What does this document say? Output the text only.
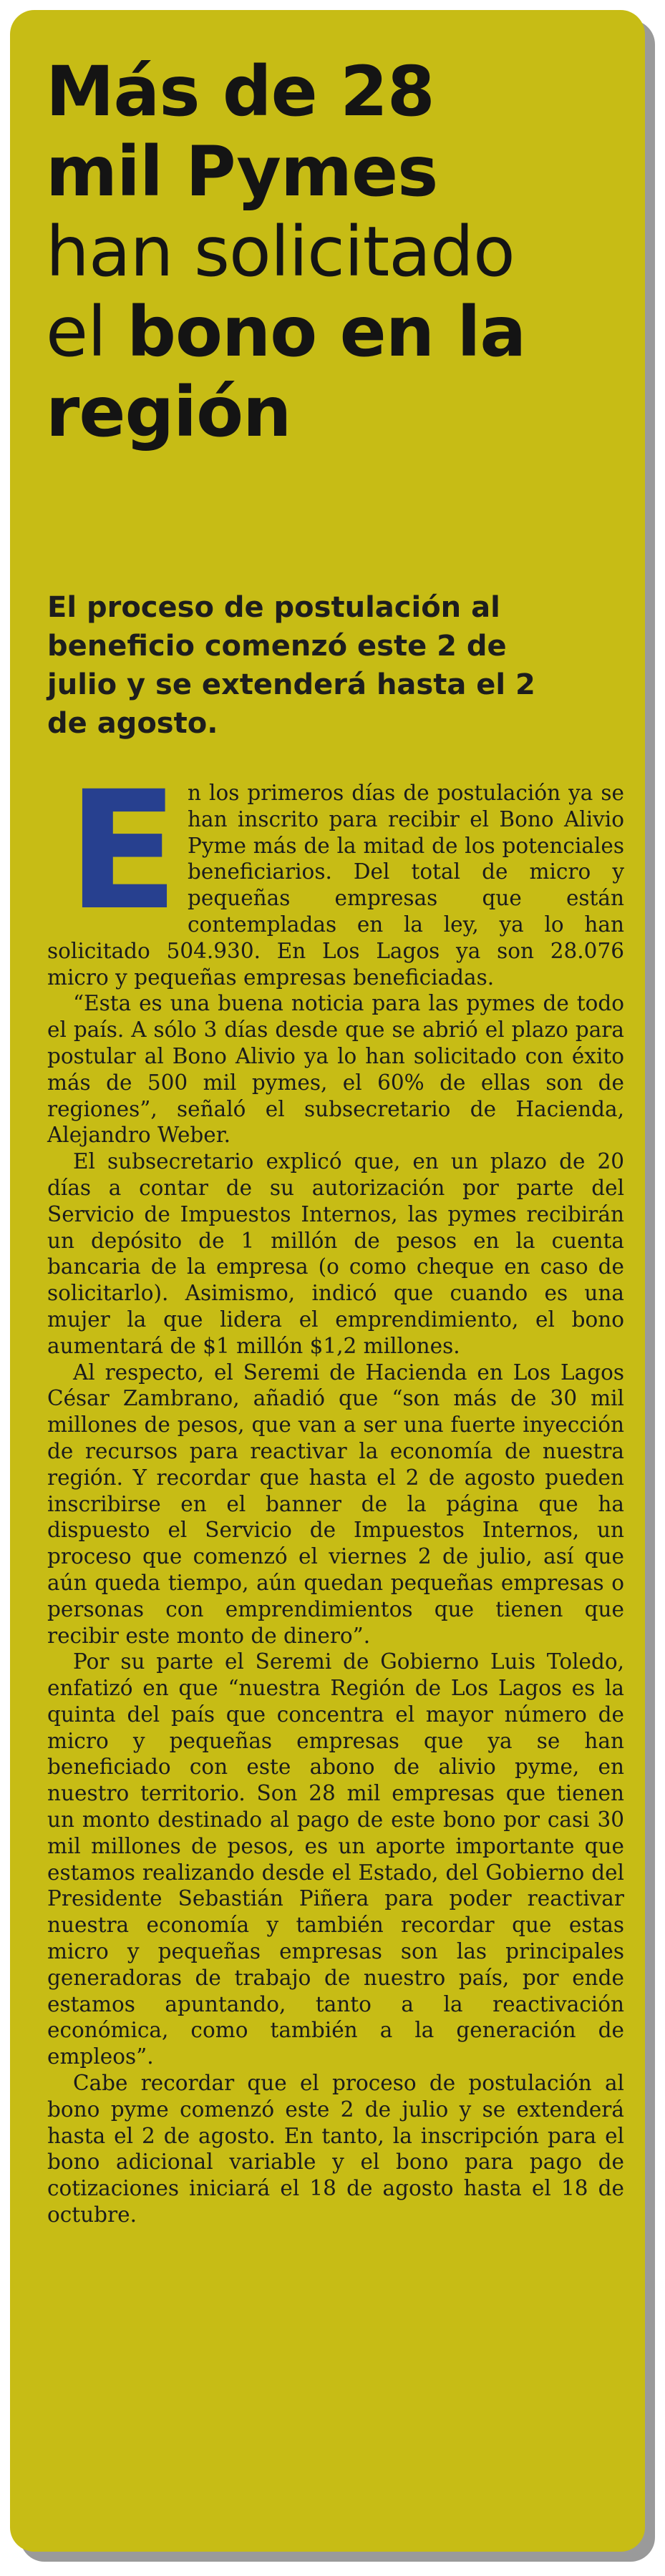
Más de 28
mil Pymes
han solicitado
el bono en la
región
El proceso de postulación al
beneficio comenzó este 2 de
julio y se extenderá hasta el 2
de agosto.

En los primeros días de postulación ya se han inscrito para recibir el Bono Alivio Pyme más de la mitad de los potenciales beneficiarios. Del total de micro y pequeñas empresas que están contempladas en la ley, ya lo han solicitado 504.930. En Los Lagos ya son 28.076 micro y pequeñas empresas beneficiadas.

“Esta es una buena noticia para las pymes de todo el país. A sólo 3 días desde que se abrió el plazo para postular al Bono Alivio ya lo han solicitado con éxito más de 500 mil pymes, el 60% de ellas son de regiones”, señaló el subsecretario de Hacienda, Alejandro Weber.

El subsecretario explicó que, en un plazo de 20 días a contar de su autorización por parte del Servicio de Impuestos Internos, las pymes recibirán un depósito de 1 millón de pesos en la cuenta bancaria de la empresa (o como cheque en caso de solicitarlo). Asimismo, indicó que cuando es una mujer la que lidera el emprendimiento, el bono aumentará de $1 millón $1,2 millones.

Al respecto, el Seremi de Hacienda en Los Lagos César Zambrano, añadió que “son más de 30 mil millones de pesos, que van a ser una fuerte inyección de recursos para reactivar la economía de nuestra región. Y recordar que hasta el 2 de agosto pueden inscribirse en el banner de la página que ha dispuesto el Servicio de Impuestos Internos, un proceso que comenzó el viernes 2 de julio, así que aún queda tiempo, aún quedan pequeñas empresas o personas con emprendimientos que tienen que recibir este monto de dinero”.

Por su parte el Seremi de Gobierno Luis Toledo, enfatizó en que “nuestra Región de Los Lagos es la quinta del país que concentra el mayor número de micro y pequeñas empresas que ya se han beneficiado con este abono de alivio pyme, en nuestro territorio. Son 28 mil empresas que tienen un monto destinado al pago de este bono por casi 30 mil millones de pesos, es un aporte importante que estamos realizando desde el Estado, del Gobierno del Presidente Sebastián Piñera para poder reactivar nuestra economía y también recordar que estas micro y pequeñas empresas son las principales generadoras de trabajo de nuestro país, por ende estamos apuntando, tanto a la reactivación económica, como también a la generación de empleos”.

Cabe recordar que el proceso de postulación al bono pyme comenzó este 2 de julio y se extenderá hasta el 2 de agosto. En tanto, la inscripción para el bono adicional variable y el bono para pago de cotizaciones iniciará el 18 de agosto hasta el 18 de octubre.
